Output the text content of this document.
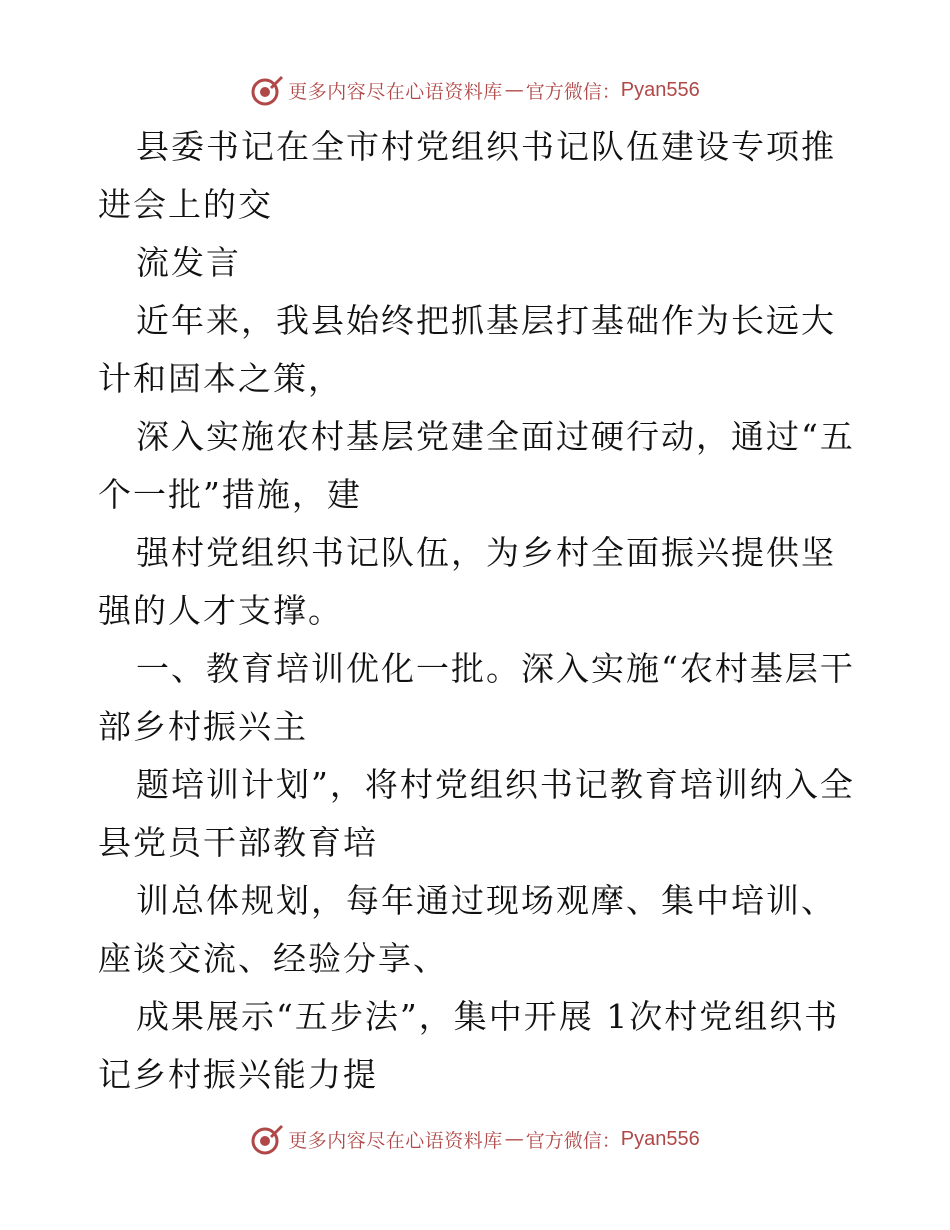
更多内容尽在心语资料库 — 官方微信： Pyan556

县委书记在全市村党组织书记队伍建设专项推进会上的交

流发言

近年来，我县始终把抓基层打基础作为长远大计和固本之策，

深入实施农村基层党建全面过硬行动，通过“五个一批”措施，建

强村党组织书记队伍，为乡村全面振兴提供坚强的人才支撑。

一、教育培训优化一批。深入实施“农村基层干部乡村振兴主

题培训计划”，将村党组织书记教育培训纳入全县党员干部教育培

训总体规划，每年通过现场观摩、集中培训、座谈交流、经验分享、

成果展示“五步法”，集中开展 1次村党组织书记乡村振兴能力提

更多内容尽在心语资料库 — 官方微信： Pyan556
